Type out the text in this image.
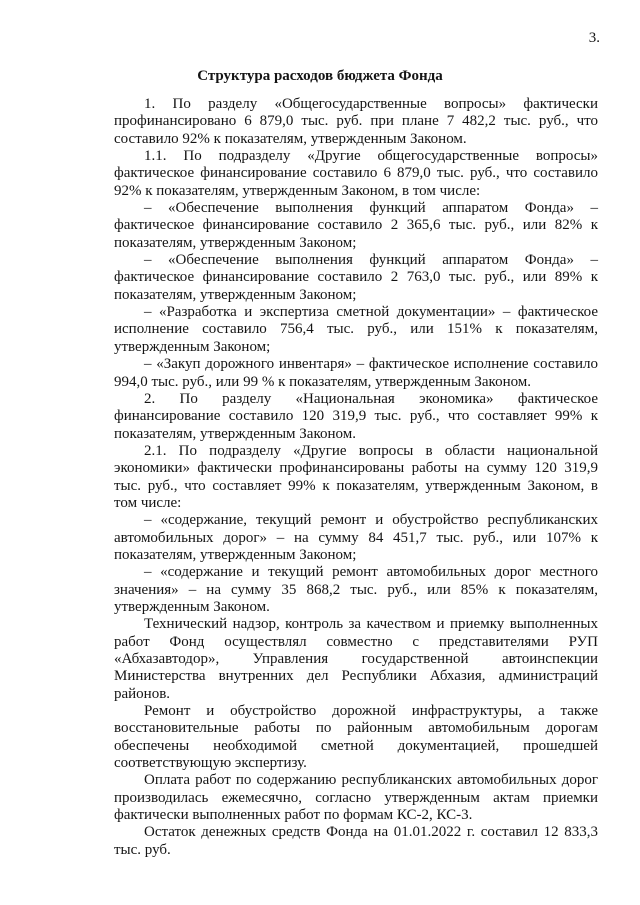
3.
Структура расходов бюджета Фонда

1. По разделу «Общегосударственные вопросы» фактически профинансировано 6 879,0 тыс. руб. при плане 7 482,2 тыс. руб., что составило 92% к показателям, утвержденным Законом.

1.1. По подразделу «Другие общегосударственные вопросы» фактическое финансирование составило 6 879,0 тыс. руб., что составило 92% к показателям, утвержденным Законом, в том числе:

– «Обеспечение выполнения функций аппаратом Фонда» – фактическое финансирование составило 2 365,6 тыс. руб., или 82% к показателям, утвержденным Законом;

– «Обеспечение выполнения функций аппаратом Фонда» – фактическое финансирование составило 2 763,0 тыс. руб., или 89% к показателям, утвержденным Законом;

– «Разработка и экспертиза сметной документации» – фактическое исполнение составило 756,4 тыс. руб., или 151% к показателям, утвержденным Законом;

– «Закуп дорожного инвентаря» – фактическое исполнение составило 994,0 тыс. руб., или 99 % к показателям, утвержденным Законом.

2. По разделу «Национальная экономика» фактическое финансирование составило 120 319,9 тыс. руб., что составляет 99% к показателям, утвержденным Законом.

2.1. По подразделу «Другие вопросы в области национальной экономики» фактически профинансированы работы на сумму 120 319,9 тыс. руб., что составляет 99% к показателям, утвержденным Законом, в том числе:

– «содержание, текущий ремонт и обустройство республиканских автомобильных дорог» – на сумму 84 451,7 тыс. руб., или 107% к показателям, утвержденным Законом;

– «содержание и текущий ремонт автомобильных дорог местного значения» – на сумму 35 868,2 тыс. руб., или 85% к показателям, утвержденным Законом.

Технический надзор, контроль за качеством и приемку выполненных работ Фонд осуществлял совместно с представителями РУП «Абхазавтодор», Управления государственной автоинспекции Министерства внутренних дел Республики Абхазия, администраций районов.

Ремонт и обустройство дорожной инфраструктуры, а также восстановительные работы по районным автомобильным дорогам обеспечены необходимой сметной документацией, прошедшей соответствующую экспертизу.

Оплата работ по содержанию республиканских автомобильных дорог производилась ежемесячно, согласно утвержденным актам приемки фактически выполненных работ по формам КС-2, КС-3.

Остаток денежных средств Фонда на 01.01.2022 г. составил 12 833,3 тыс. руб.
